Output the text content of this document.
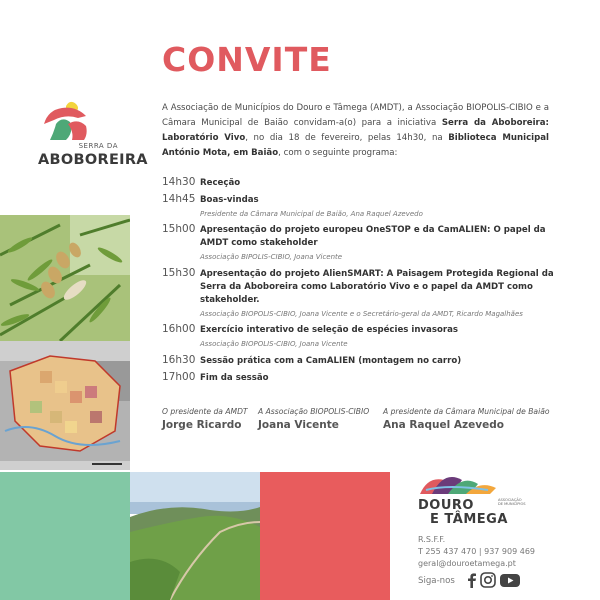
SERRA DA
ABOBOREIRA
CONVITE
A Associação de Municípios do Douro e Tâmega (AMDT), a Associação BIOPOLIS-CIBIO e a Câmara Municipal de Baião convidam-a(o) para a iniciativa Serra da Aboboreira: Laboratório Vivo, no dia 18 de fevereiro, pelas 14h30, na Biblioteca Municipal António Mota, em Baião, com o seguinte programa:
14h30 Receção
14h45 Boas-vindas
Presidente da Câmara Municipal de Baião, Ana Raquel Azevedo
15h00 Apresentação do projeto europeu OneSTOP e da CamALIEN: O papel da AMDT como stakeholder
Associação BIPOLIS-CIBIO, Joana Vicente
15h30 Apresentação do projeto AlienSMART: A Paisagem Protegida Regional da Serra da Aboboreira como Laboratório Vivo e o papel da AMDT como stakeholder.
Associação BIOPOLIS-CIBIO, Joana Vicente e o Secretário-geral da AMDT, Ricardo Magalhães
16h00 Exercício interativo de seleção de espécies invasoras
Associação BIOPOLIS-CIBIO, Joana Vicente
16h30 Sessão prática com a CamALIEN (montagem no carro)
17h00 Fim da sessão
O presidente da AMDT
Jorge Ricardo
A Associação BIOPOLIS-CIBIO
Joana Vicente
A presidente da Câmara Municipal de Baião
Ana Raquel Azevedo
DOURO
E TÂMEGA
ASSOCIAÇÃO
DE MUNICÍPIOS
R.S.F.F.
T 255 437 470 | 937 909 469
geral@douroetamega.pt
Siga-nos
